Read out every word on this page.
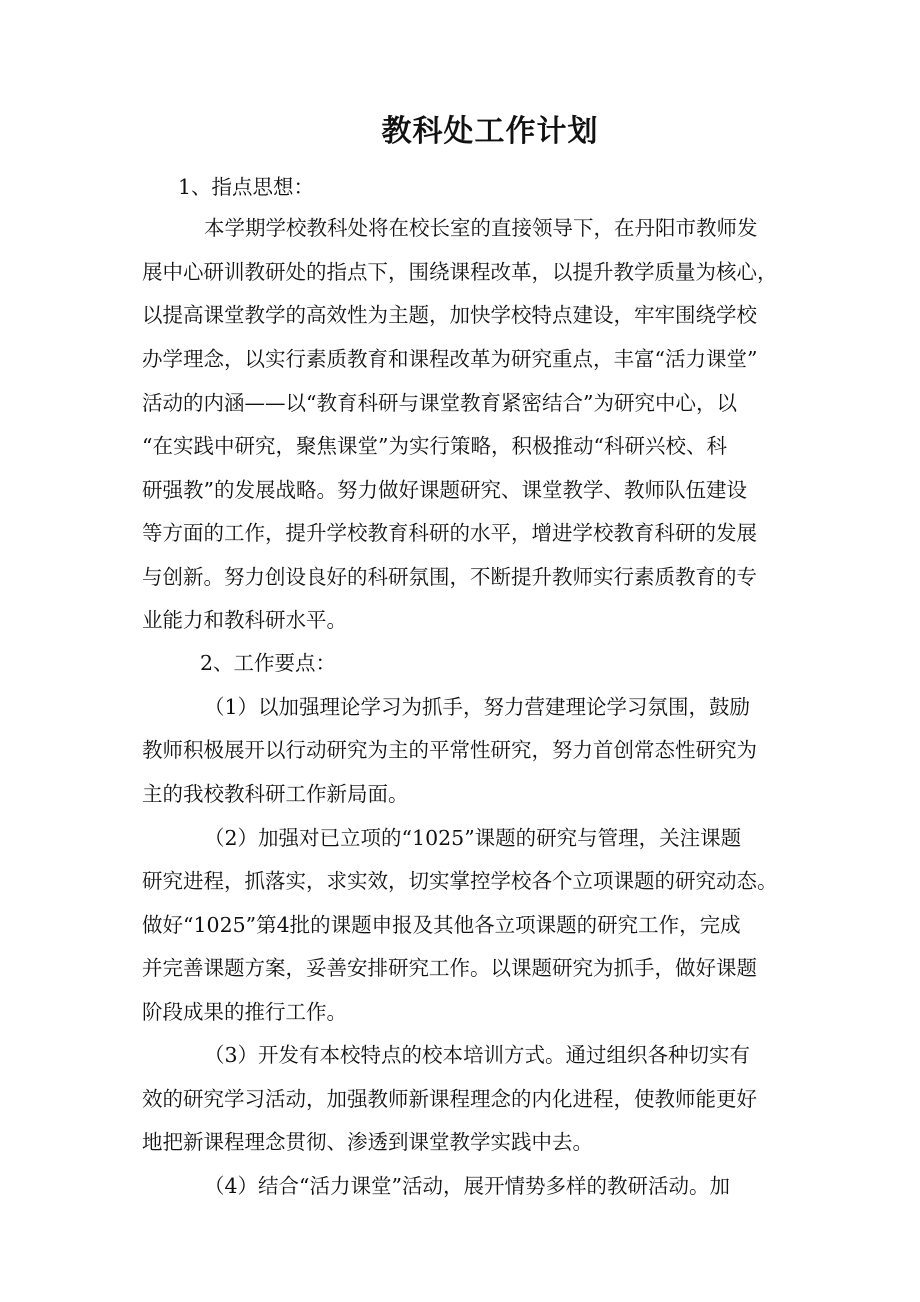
教科处工作计划
1、指点思想：
本学期学校教科处将在校长室的直接领导下，在丹阳市教师发
展中心研训教研处的指点下，围绕课程改革，以提升教学质量为核心，
以提高课堂教学的高效性为主题，加快学校特点建设，牢牢围绕学校
办学理念，以实行素质教育和课程改革为研究重点，丰富“活力课堂”
活动的内涵——以“教育科研与课堂教育紧密结合”为研究中心，以
“在实践中研究，聚焦课堂”为实行策略，积极推动“科研兴校、科
研强教”的发展战略。努力做好课题研究、课堂教学、教师队伍建设
等方面的工作，提升学校教育科研的水平，增进学校教育科研的发展
与创新。努力创设良好的科研氛围，不断提升教师实行素质教育的专
业能力和教科研水平。
2、工作要点：
（1）以加强理论学习为抓手，努力营建理论学习氛围，鼓励
教师积极展开以行动研究为主的平常性研究，努力首创常态性研究为
主的我校教科研工作新局面。
（2）加强对已立项的“1025”课题的研究与管理，关注课题
研究进程，抓落实，求实效，切实掌控学校各个立项课题的研究动态。
做好“1025”第4批的课题申报及其他各立项课题的研究工作，完成
并完善课题方案，妥善安排研究工作。以课题研究为抓手，做好课题
阶段成果的推行工作。
（3）开发有本校特点的校本培训方式。通过组织各种切实有
效的研究学习活动，加强教师新课程理念的内化进程，使教师能更好
地把新课程理念贯彻、渗透到课堂教学实践中去。
（4）结合“活力课堂”活动，展开情势多样的教研活动。加
